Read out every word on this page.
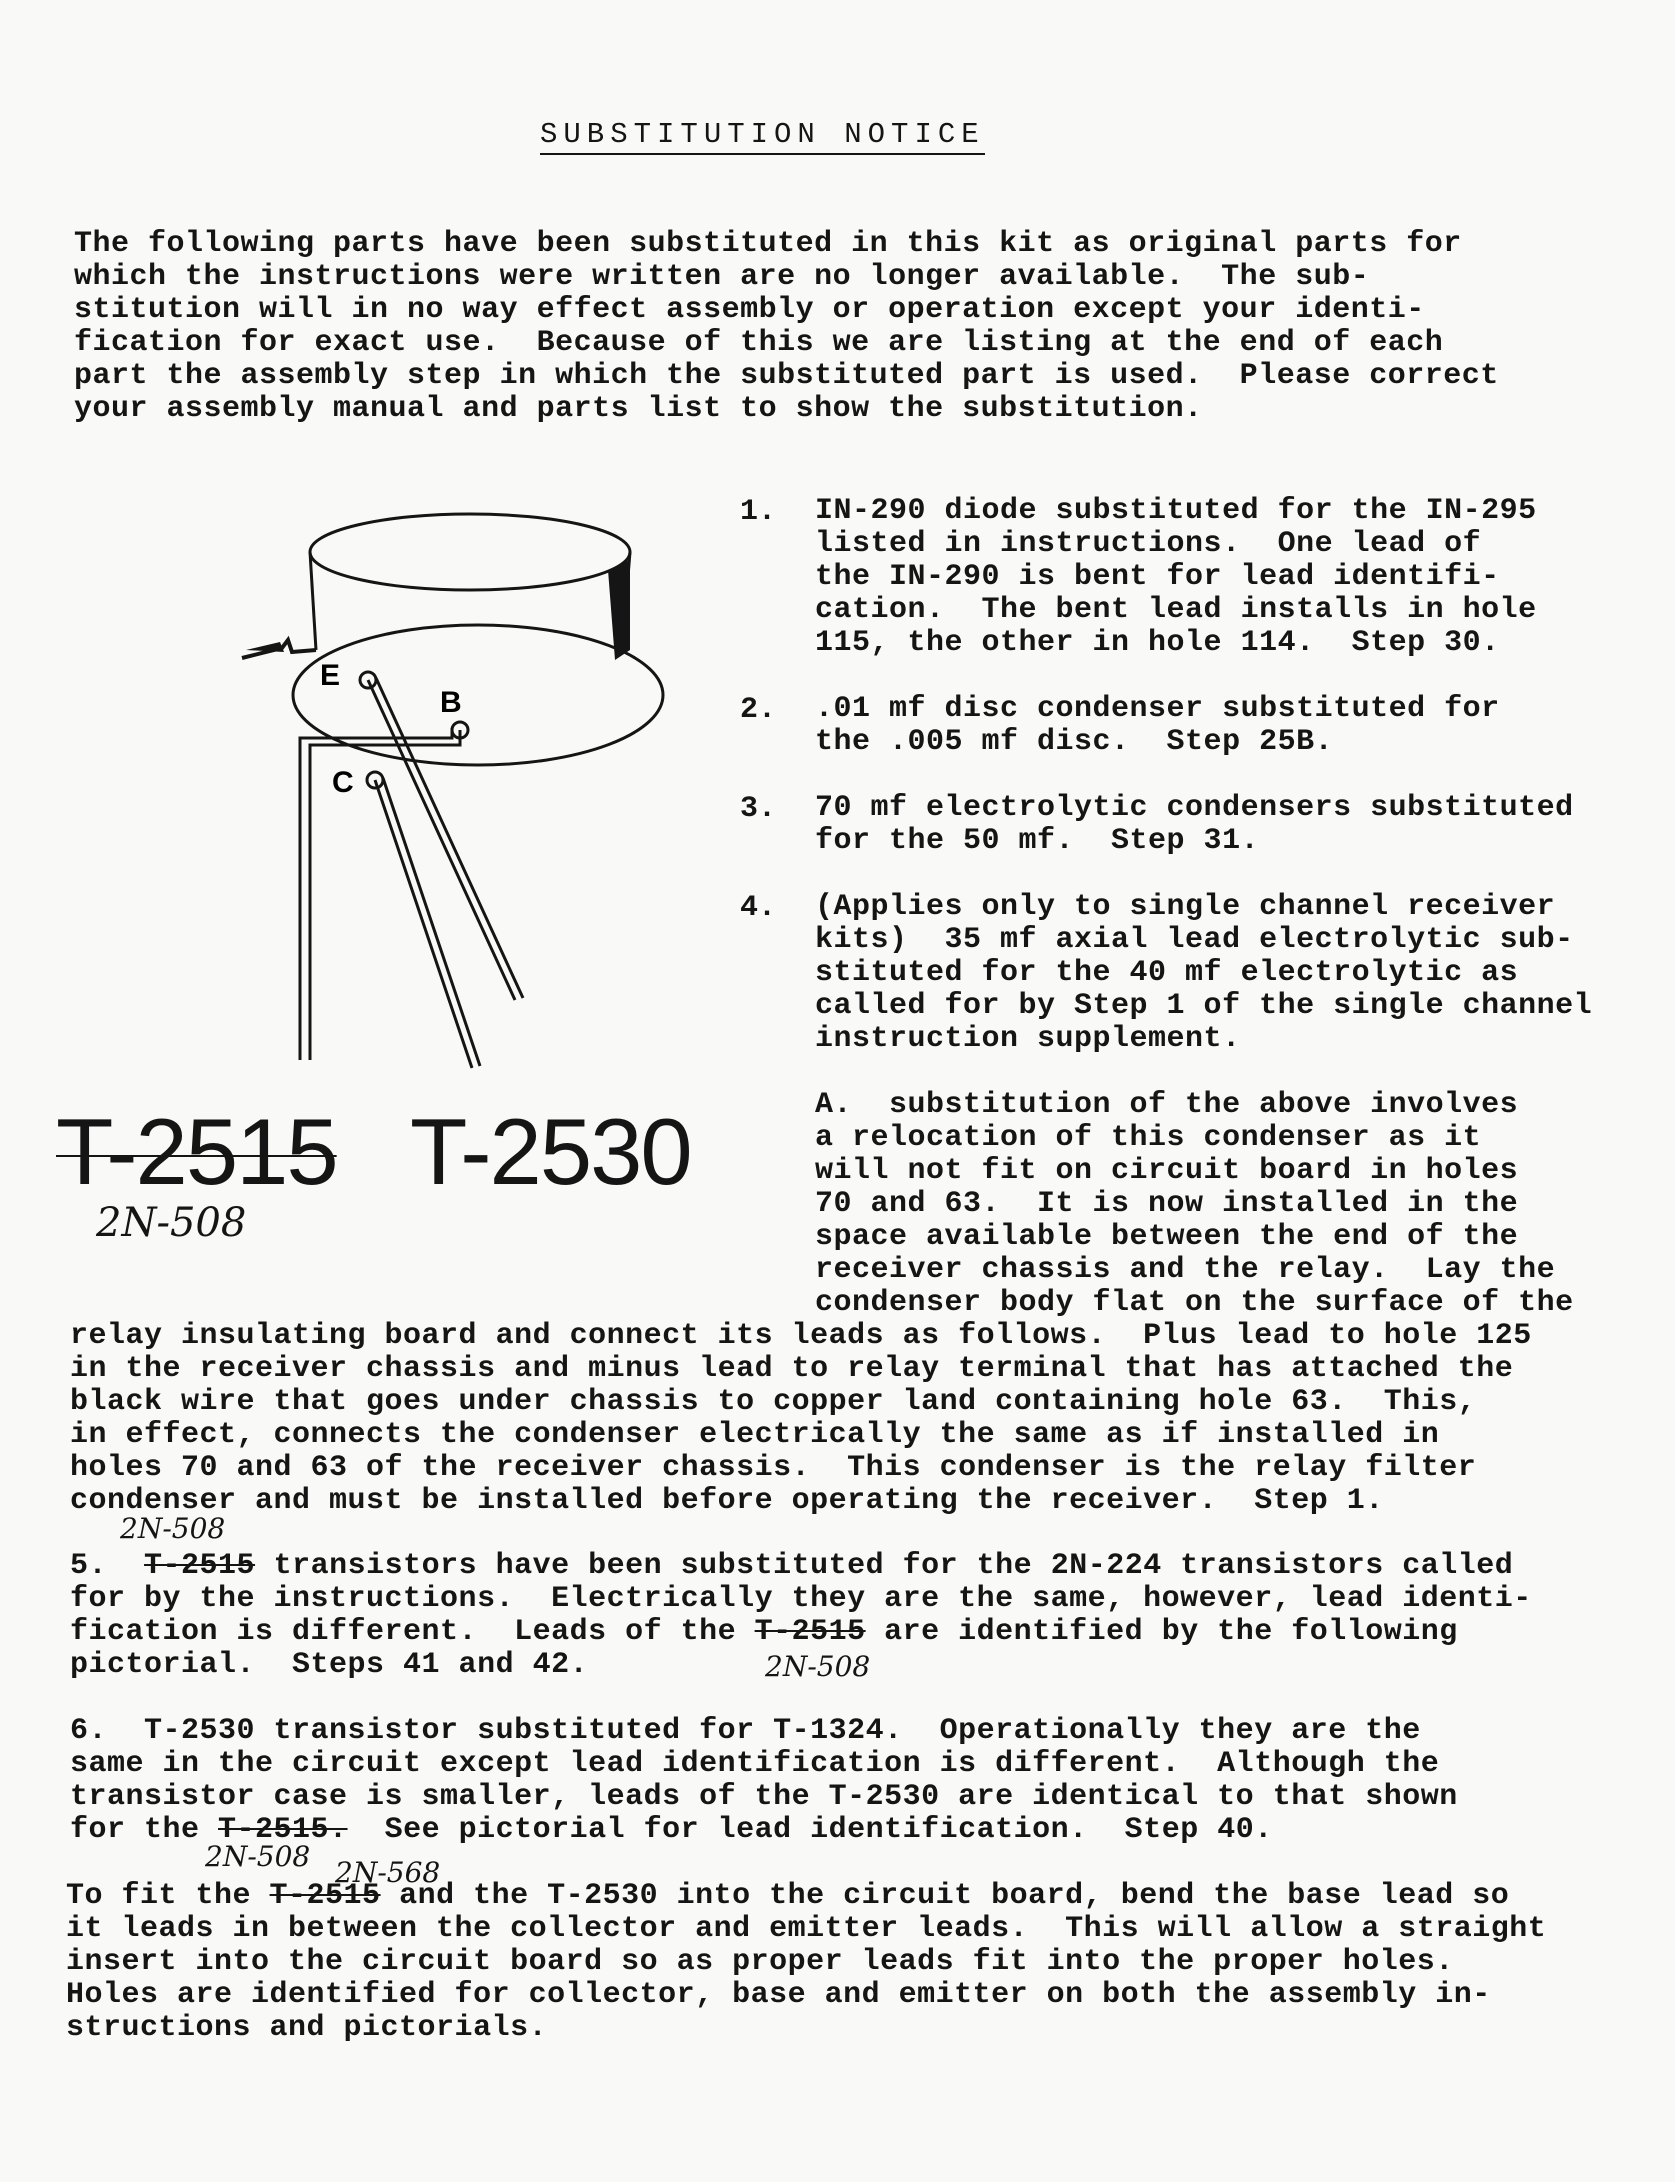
SUBSTITUTION NOTICE
The following parts have been substituted in this kit as original parts for
which the instructions were written are no longer available.  The sub-
stitution will in no way effect assembly or operation except your identi-
fication for exact use.  Because of this we are listing at the end of each
part the assembly step in which the substituted part is used.  Please correct
your assembly manual and parts list to show the substitution.
E
B
C
T-2515 T-2530
2N-508
1. IN-290 diode substituted for the IN-295
listed in instructions.  One lead of
the IN-290 is bent for lead identifi-
cation.  The bent lead installs in hole
115, the other in hole 114.  Step 30.
2. .01 mf disc condenser substituted for
the .005 mf disc.  Step 25B.
3. 70 mf electrolytic condensers substituted
for the 50 mf.  Step 31.
4. (Applies only to single channel receiver
kits)  35 mf axial lead electrolytic sub-
stituted for the 40 mf electrolytic as
called for by Step 1 of the single channel
instruction supplement.
A.  substitution of the above involves
a relocation of this condenser as it
will not fit on circuit board in holes
70 and 63.  It is now installed in the
space available between the end of the
receiver chassis and the relay.  Lay the
condenser body flat on the surface of the
relay insulating board and connect its leads as follows.  Plus lead to hole 125
in the receiver chassis and minus lead to relay terminal that has attached the
black wire that goes under chassis to copper land containing hole 63.  This,
in effect, connects the condenser electrically the same as if installed in
holes 70 and 63 of the receiver chassis.  This condenser is the relay filter
condenser and must be installed before operating the receiver.  Step 1.
2N-508
5. T-2515 transistors have been substituted for the 2N-224 transistors called
for by the instructions.  Electrically they are the same, however, lead identi-
fication is different.  Leads of the T-2515 are identified by the following
pictorial.  Steps 41 and 42.	2N-508
6.  T-2530 transistor substituted for T-1324.  Operationally they are the
same in the circuit except lead identification is different.  Although the
transistor case is smaller, leads of the T-2530 are identical to that shown
for the T-2515.  See pictorial for lead identification.  Step 40.
2N-508 2N-568
To fit the T-2515 and the T-2530 into the circuit board, bend the base lead so
it leads in between the collector and emitter leads.  This will allow a straight
insert into the circuit board so as proper leads fit into the proper holes.
Holes are identified for collector, base and emitter on both the assembly in-
structions and pictorials.
